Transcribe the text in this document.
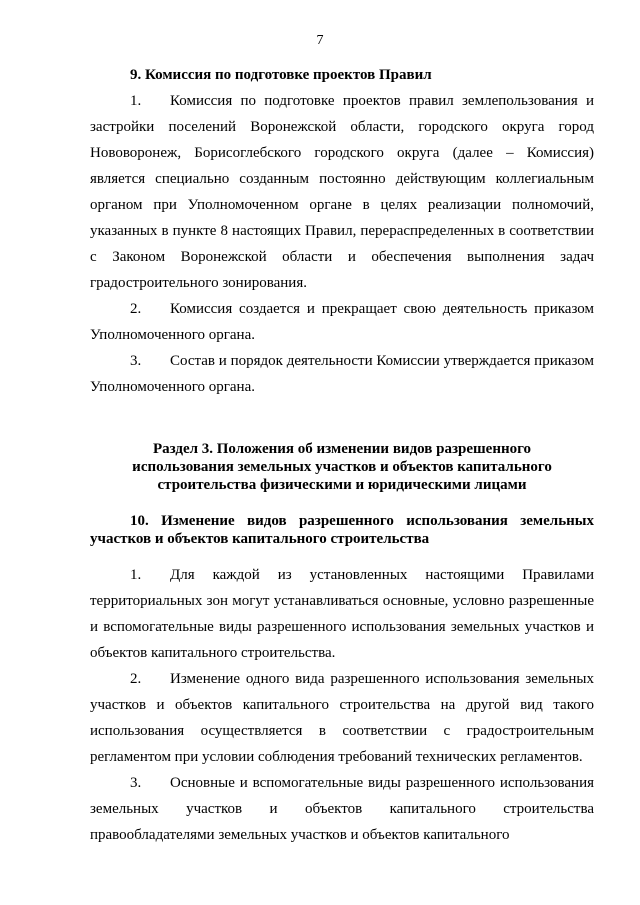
7

9. Комиссия по подготовке проектов Правил

1. Комиссия по подготовке проектов правил землепользования и застройки поселений Воронежской области, городского округа город Нововоронеж, Борисоглебского городского округа (далее – Комиссия) является специально созданным постоянно действующим коллегиальным органом при Уполномоченном органе в целях реализации полномочий, указанных в пункте 8 настоящих Правил, перераспределенных в соответствии с Законом Воронежской области и обеспечения выполнения задач градостроительного зонирования.

2. Комиссия создается и прекращает свою деятельность приказом Уполномоченного органа.

3. Состав и порядок деятельности Комиссии утверждается приказом Уполномоченного органа.

Раздел 3. Положения об изменении видов разрешенного использования земельных участков и объектов капитального строительства физическими и юридическими лицами

10. Изменение видов разрешенного использования земельных участков и объектов капитального строительства

1. Для каждой из установленных настоящими Правилами территориальных зон могут устанавливаться основные, условно разрешенные и вспомогательные виды разрешенного использования земельных участков и объектов капитального строительства.

2. Изменение одного вида разрешенного использования земельных участков и объектов капитального строительства на другой вид такого использования осуществляется в соответствии с градостроительным регламентом при условии соблюдения требований технических регламентов.

3. Основные и вспомогательные виды разрешенного использования земельных участков и объектов капитального строительства правообладателями земельных участков и объектов капитального
